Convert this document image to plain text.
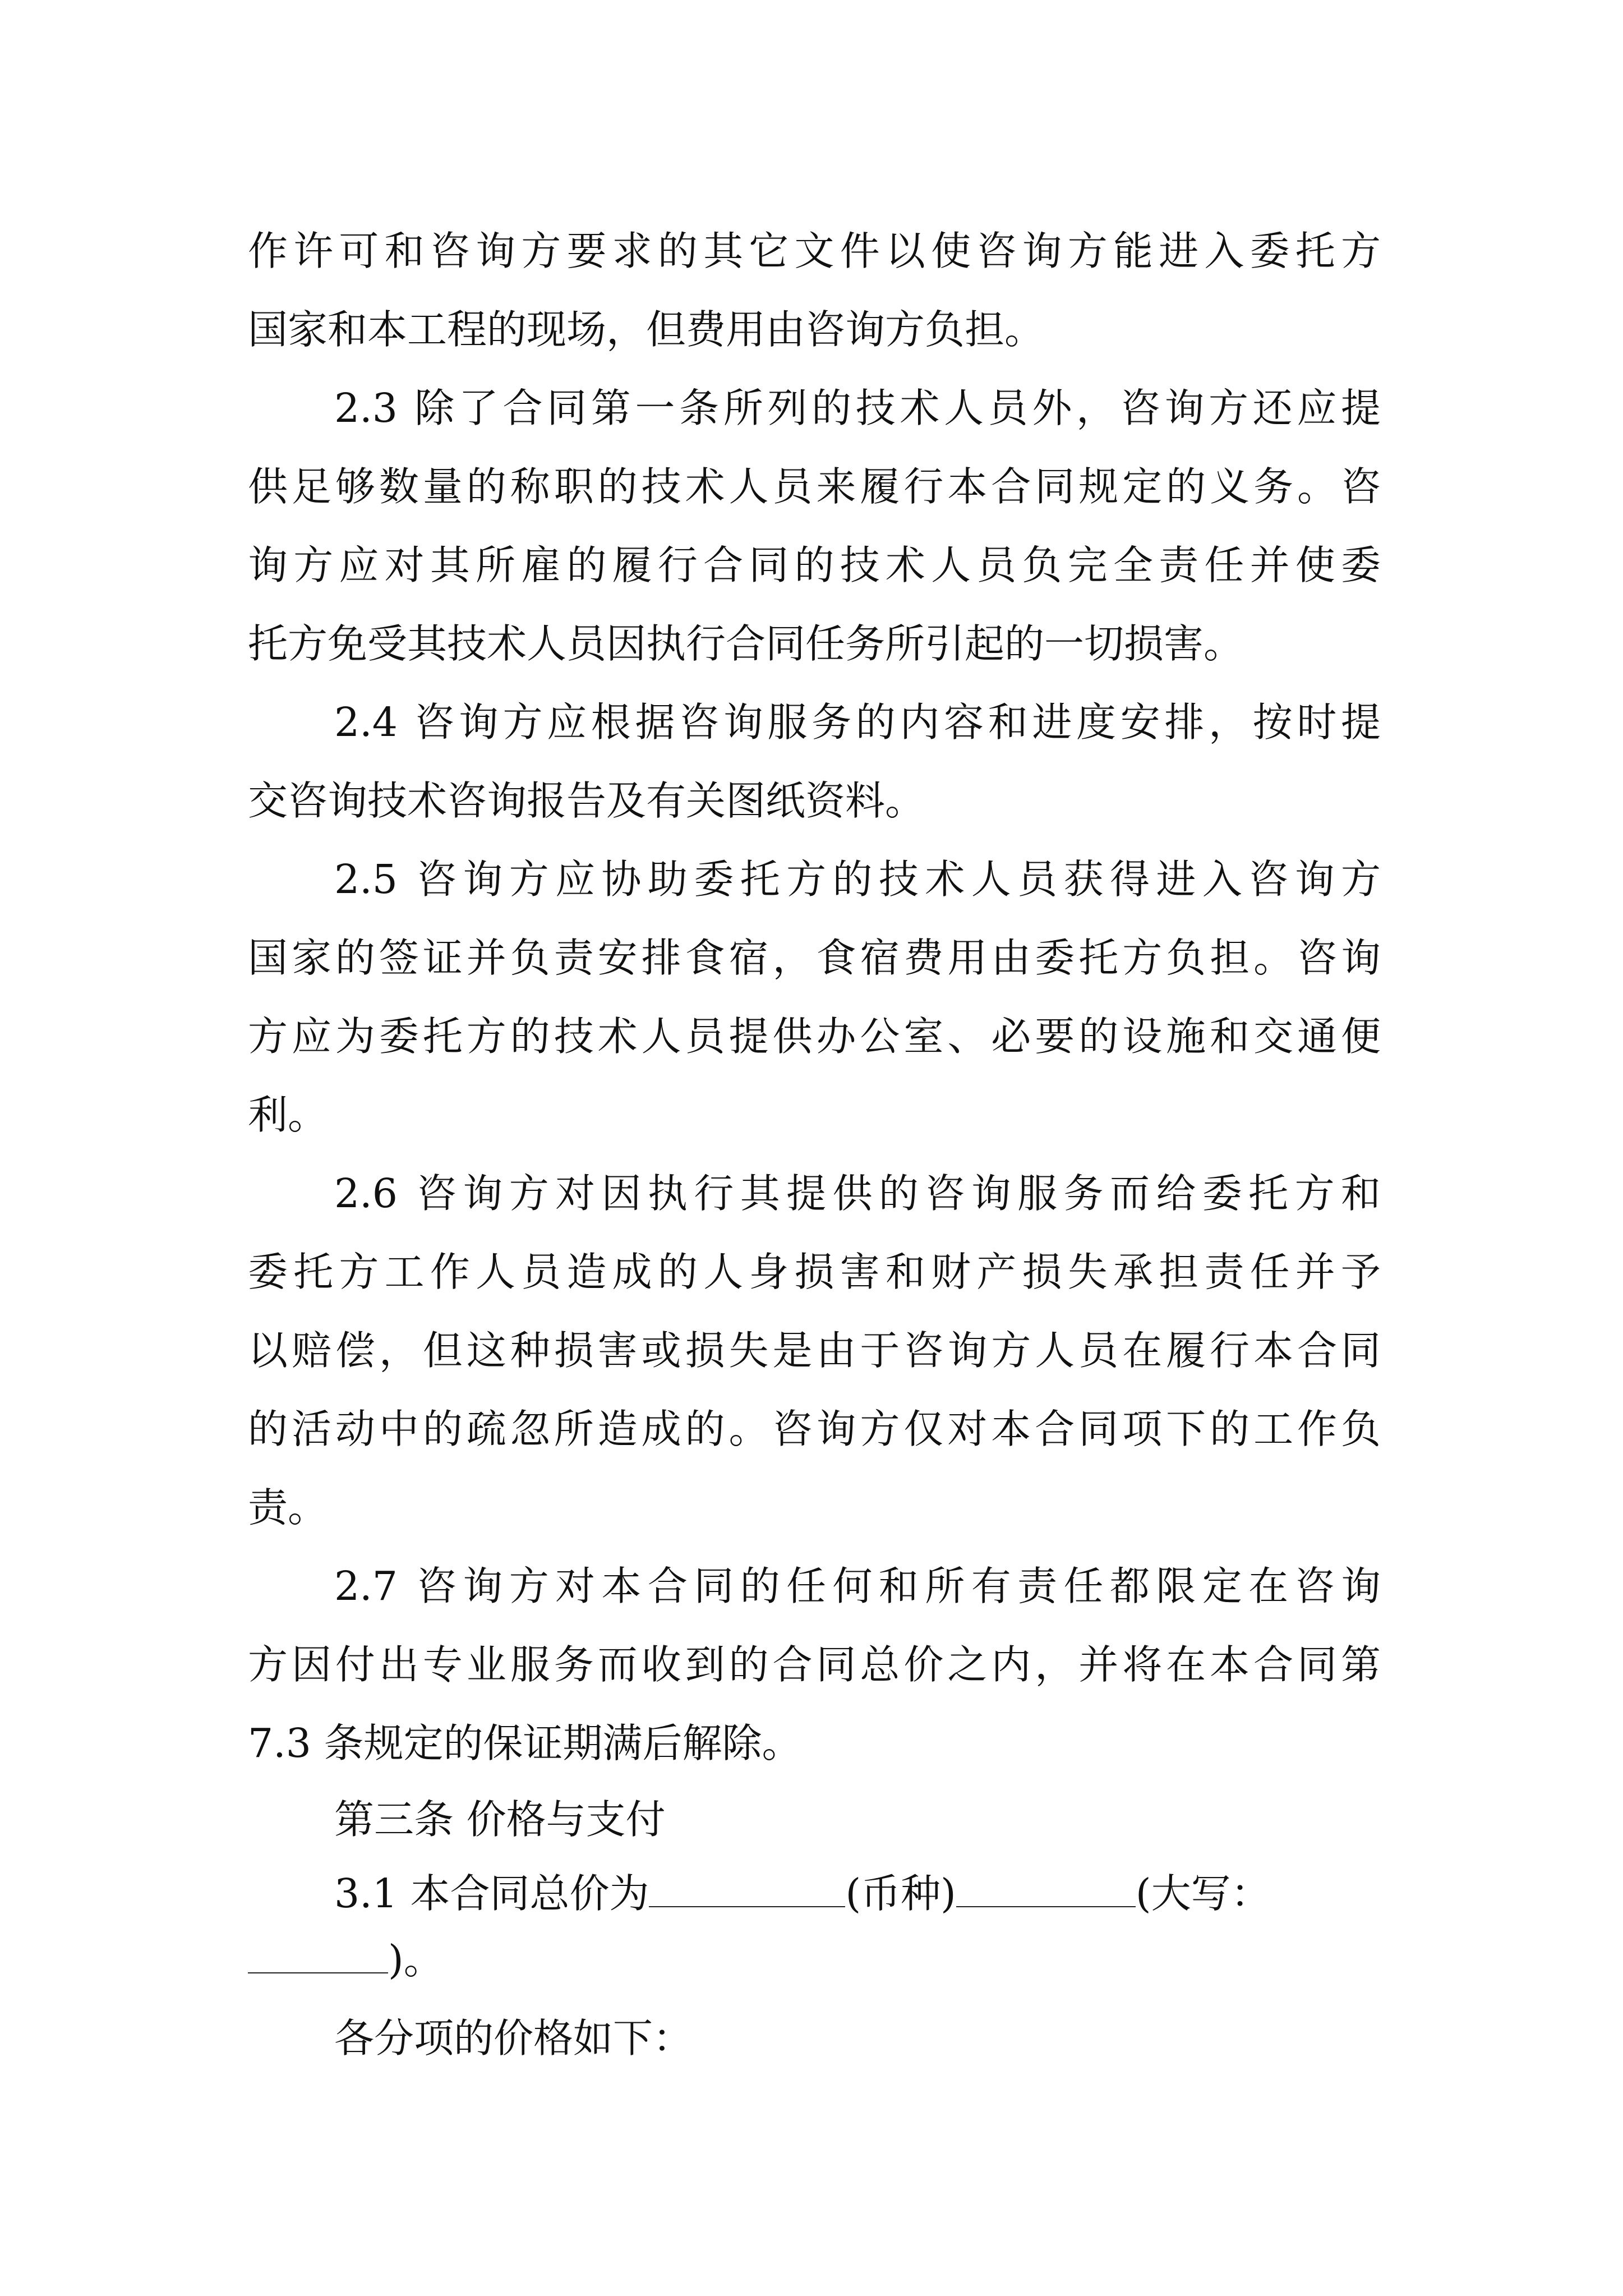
作许可和咨询方要求的其它文件以使咨询方能进入委托方
国家和本工程的现场，但费用由咨询方负担。
2.3 除了合同第一条所列的技术人员外，咨询方还应提
供足够数量的称职的技术人员来履行本合同规定的义务。咨
询方应对其所雇的履行合同的技术人员负完全责任并使委
托方免受其技术人员因执行合同任务所引起的一切损害。
2.4 咨询方应根据咨询服务的内容和进度安排，按时提
交咨询技术咨询报告及有关图纸资料。
2.5 咨询方应协助委托方的技术人员获得进入咨询方
国家的签证并负责安排食宿，食宿费用由委托方负担。咨询
方应为委托方的技术人员提供办公室、必要的设施和交通便
利。
2.6 咨询方对因执行其提供的咨询服务而给委托方和
委托方工作人员造成的人身损害和财产损失承担责任并予
以赔偿，但这种损害或损失是由于咨询方人员在履行本合同
的活动中的疏忽所造成的。咨询方仅对本合同项下的工作负
责。
2.7 咨询方对本合同的任何和所有责任都限定在咨询
方因付出专业服务而收到的合同总价之内，并将在本合同第
7.3 条规定的保证期满后解除。
第三条 价格与支付
3.1 本合同总价为	(币种)	(大写：
)。
各分项的价格如下：
